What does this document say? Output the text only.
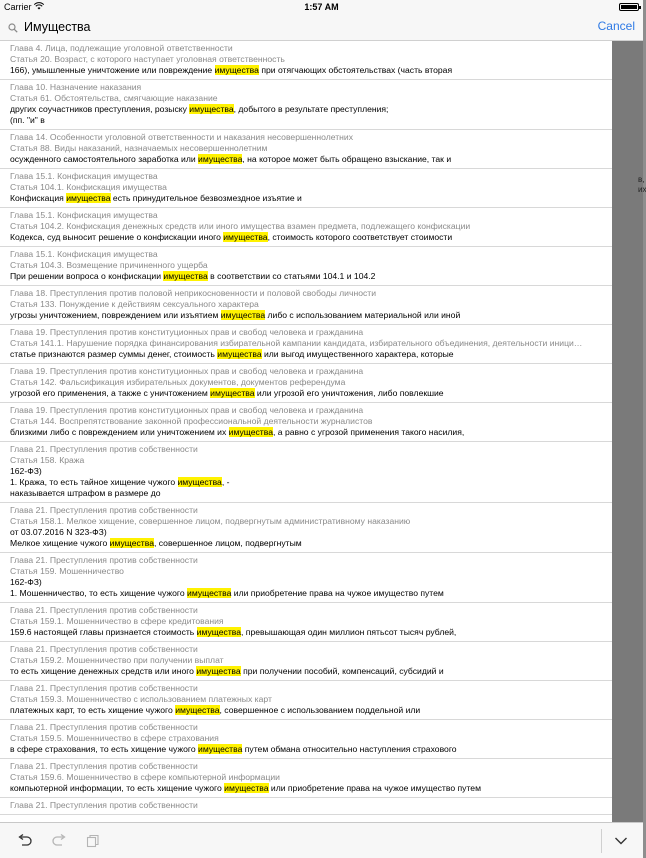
Carrier	1:57 AM
Имущества
Cancel
Глава 4. Лица, подлежащие уголовной ответственности
Статья 20. Возраст, с которого наступает уголовная ответственность
166), умышленные уничтожение или повреждение имущества при отягчающих обстоятельствах (часть вторая
Глава 10. Назначение наказания
Статья 61. Обстоятельства, смягчающие наказание
других соучастников преступления, розыску имущества, добытого в результате преступления;
(пп. "и" в
Глава 14. Особенности уголовной ответственности и наказания несовершеннолетних
Статья 88. Виды наказаний, назначаемых несовершеннолетним
осужденного самостоятельного заработка или имущества, на которое может быть обращено взыскание, так и
Глава 15.1. Конфискация имущества
Статья 104.1. Конфискация имущества
Конфискация имущества есть принудительное безвозмездное изъятие и
Глава 15.1. Конфискация имущества
Статья 104.2. Конфискация денежных средств или иного имущества взамен предмета, подлежащего конфискации
Кодекса, суд выносит решение о конфискации иного имущества, стоимость которого соответствует стоимости
Глава 15.1. Конфискация имущества
Статья 104.3. Возмещение причиненного ущерба
При решении вопроса о конфискации имущества в соответствии со статьями 104.1 и 104.2
Глава 18. Преступления против половой неприкосновенности и половой свободы личности
Статья 133. Понуждение к действиям сексуального характера
угрозы уничтожением, повреждением или изъятием имущества либо с использованием материальной или иной
Глава 19. Преступления против конституционных прав и свобод человека и гражданина
Статья 141.1. Нарушение порядка финансирования избирательной кампании кандидата, избирательного объединения, деятельности иници…
статье признаются размер суммы денег, стоимость имущества или выгод имущественного характера, которые
Глава 19. Преступления против конституционных прав и свобод человека и гражданина
Статья 142. Фальсификация избирательных документов, документов референдума
угрозой его применения, а также с уничтожением имущества или угрозой его уничтожения, либо повлекшие
Глава 19. Преступления против конституционных прав и свобод человека и гражданина
Статья 144. Воспрепятствование законной профессиональной деятельности журналистов
близкими либо с повреждением или уничтожением их имущества, а равно с угрозой применения такого насилия,
Глава 21. Преступления против собственности
Статья 158. Кража
162-ФЗ)
1. Кража, то есть тайное хищение чужого имущества, -
наказывается штрафом в размере до
Глава 21. Преступления против собственности
Статья 158.1. Мелкое хищение, совершенное лицом, подвергнутым административному наказанию
от 03.07.2016 N 323-ФЗ)
Мелкое хищение чужого имущества, совершенное лицом, подвергнутым
Глава 21. Преступления против собственности
Статья 159. Мошенничество
162-ФЗ)
1. Мошенничество, то есть хищение чужого имущества или приобретение права на чужое имущество путем
Глава 21. Преступления против собственности
Статья 159.1. Мошенничество в сфере кредитования
159.6 настоящей главы признается стоимость имущества, превышающая один миллион пятьсот тысяч рублей,
Глава 21. Преступления против собственности
Статья 159.2. Мошенничество при получении выплат
то есть хищение денежных средств или иного имущества при получении пособий, компенсаций, субсидий и
Глава 21. Преступления против собственности
Статья 159.3. Мошенничество с использованием платежных карт
платежных карт, то есть хищение чужого имущества, совершенное с использованием поддельной или
Глава 21. Преступления против собственности
Статья 159.5. Мошенничество в сфере страхования
в сфере страхования, то есть хищение чужого имущества путем обмана относительно наступления страхового
Глава 21. Преступления против собственности
Статья 159.6. Мошенничество в сфере компьютерной информации
компьютерной информации, то есть хищение чужого имущества или приобретение права на чужое имущество путем
Глава 21. Преступления против собственности
в,
их
